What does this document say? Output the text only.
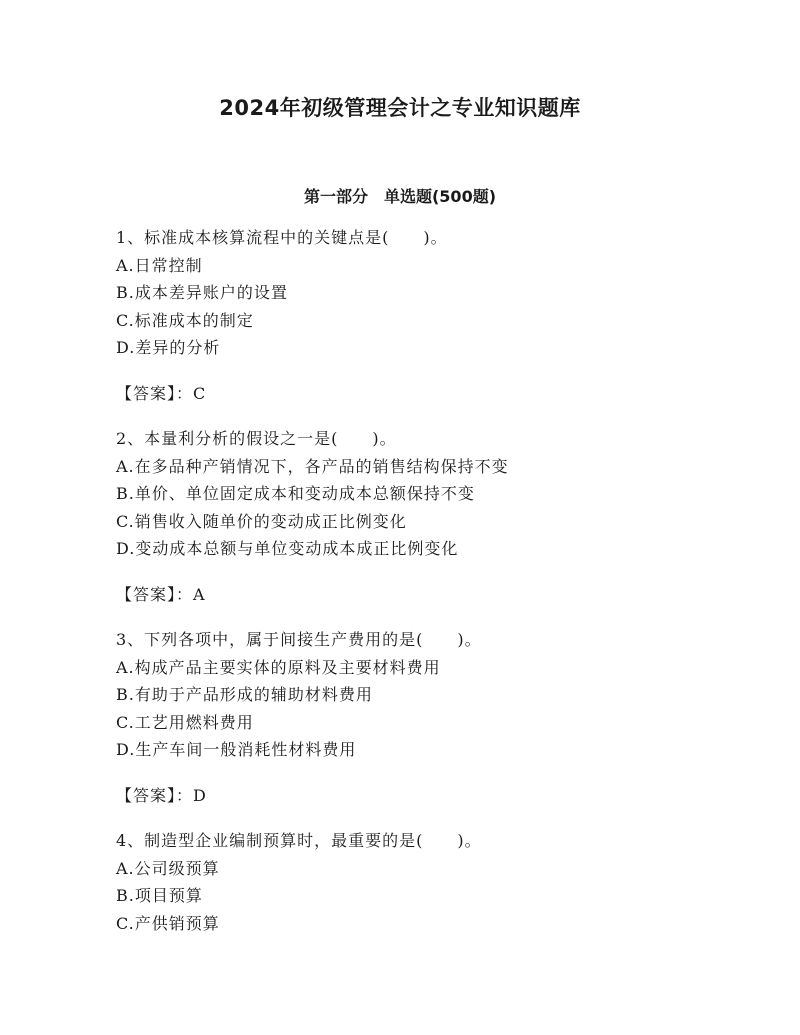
2024年初级管理会计之专业知识题库
第一部分　单选题(500题)
1、标准成本核算流程中的关键点是(　　)。
A.日常控制
B.成本差异账户的设置
C.标准成本的制定
D.差异的分析
【答案】：C
2、本量利分析的假设之一是(　　)。
A.在多品种产销情况下，各产品的销售结构保持不变
B.单价、单位固定成本和变动成本总额保持不变
C.销售收入随单价的变动成正比例变化
D.变动成本总额与单位变动成本成正比例变化
【答案】：A
3、下列各项中，属于间接生产费用的是(　　)。
A.构成产品主要实体的原料及主要材料费用
B.有助于产品形成的辅助材料费用
C.工艺用燃料费用
D.生产车间一般消耗性材料费用
【答案】：D
4、制造型企业编制预算时，最重要的是(　　)。
A.公司级预算
B.项目预算
C.产供销预算
